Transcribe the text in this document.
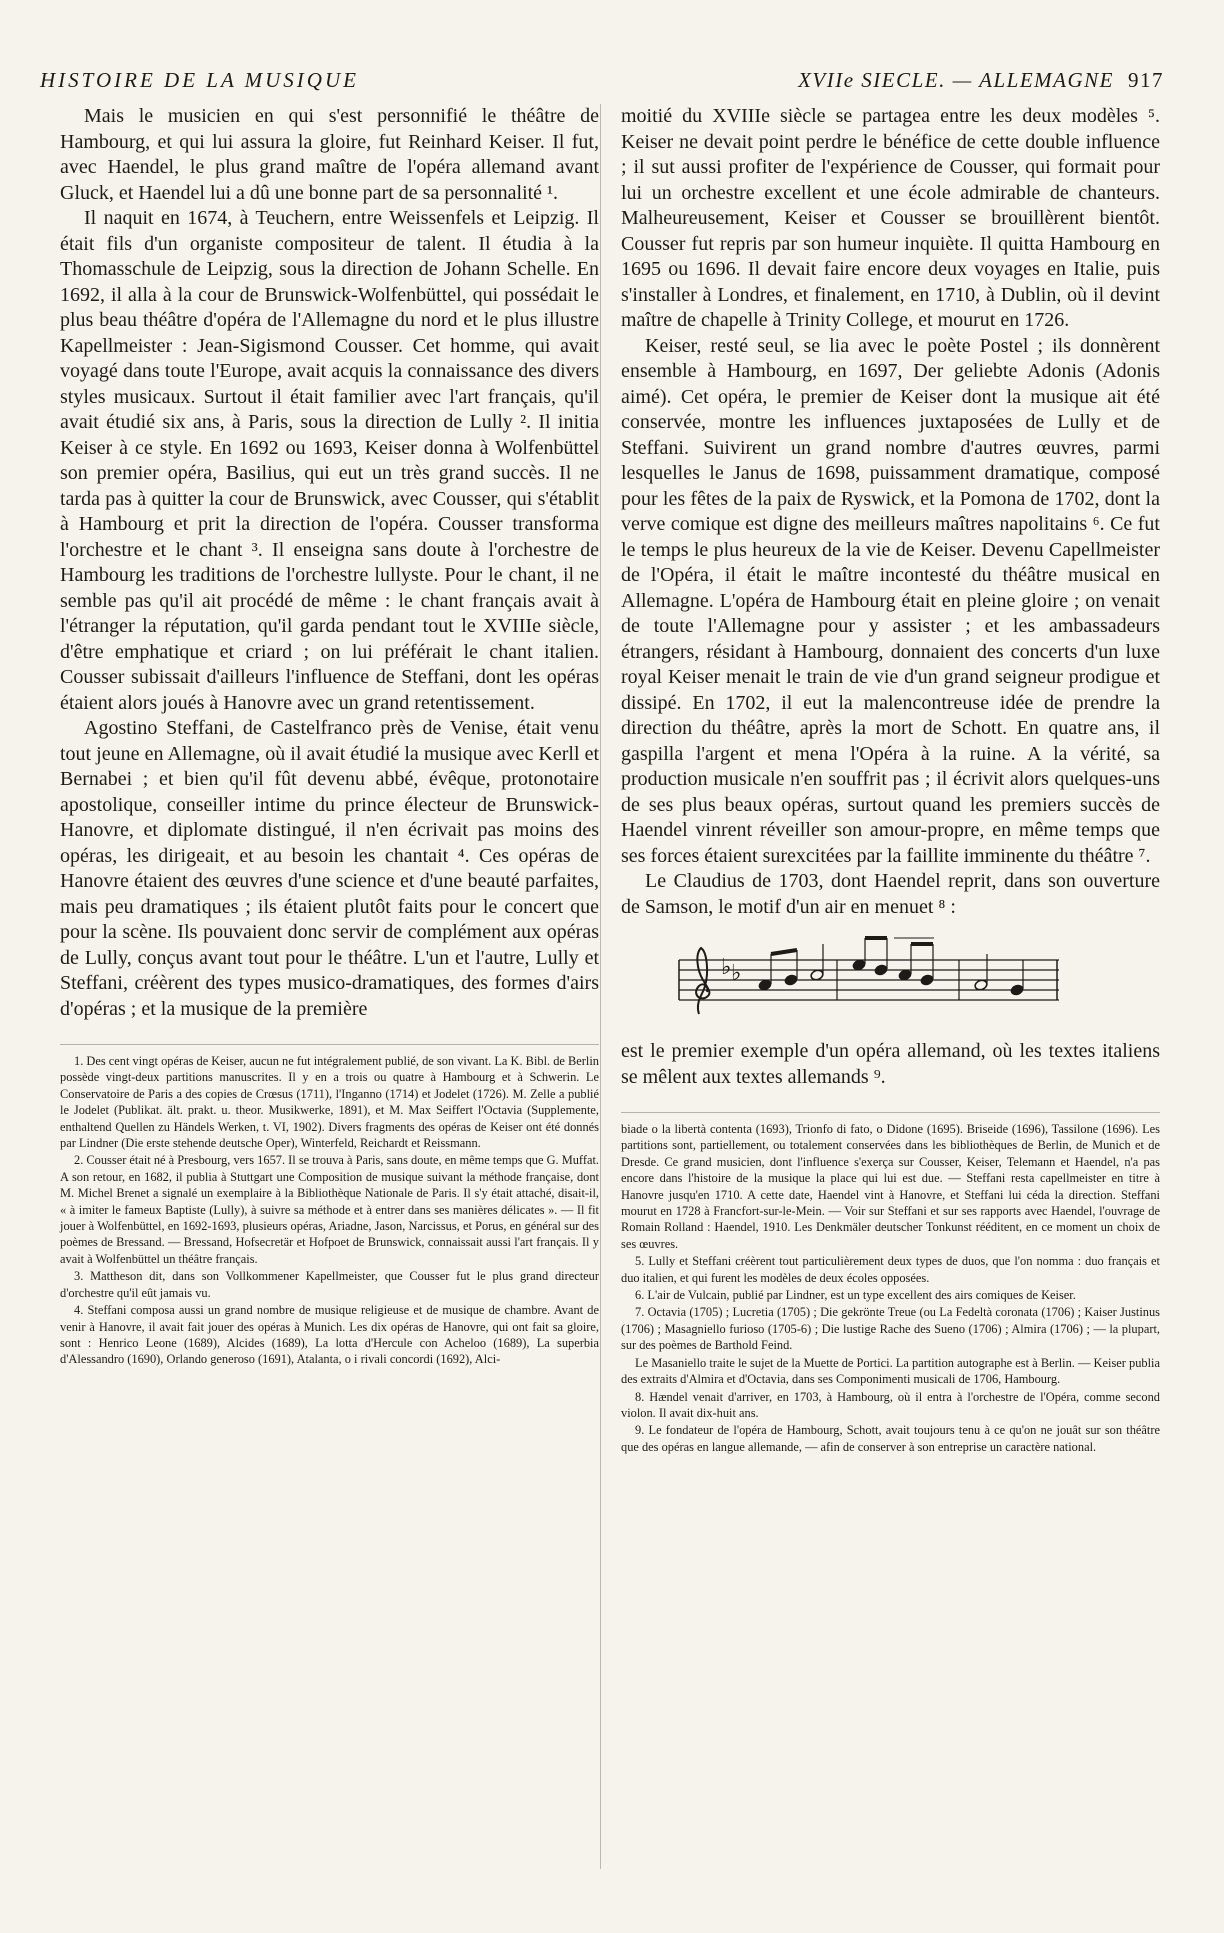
HISTOIRE DE LA MUSIQUE	XVIIe SIECLE. — ALLEMAGNE 917

Mais le musicien en qui s'est personnifié le théâtre de Hambourg, et qui lui assura la gloire, fut Reinhard Keiser. Il fut, avec Haendel, le plus grand maître de l'opéra allemand avant Gluck, et Haendel lui a dû une bonne part de sa personnalité ¹.

Il naquit en 1674, à Teuchern, entre Weissenfels et Leipzig. Il était fils d'un organiste compositeur de talent. Il étudia à la Thomasschule de Leipzig, sous la direction de Johann Schelle. En 1692, il alla à la cour de Brunswick-Wolfenbüttel, qui possédait le plus beau théâtre d'opéra de l'Allemagne du nord et le plus illustre Kapellmeister : Jean-Sigismond Cousser. Cet homme, qui avait voyagé dans toute l'Europe, avait acquis la connaissance des divers styles musicaux. Surtout il était familier avec l'art français, qu'il avait étudié six ans, à Paris, sous la direction de Lully ². Il initia Keiser à ce style. En 1692 ou 1693, Keiser donna à Wolfenbüttel son premier opéra, Basilius, qui eut un très grand succès. Il ne tarda pas à quitter la cour de Brunswick, avec Cousser, qui s'établit à Hambourg et prit la direction de l'opéra. Cousser transforma l'orchestre et le chant ³. Il enseigna sans doute à l'orchestre de Hambourg les traditions de l'orchestre lullyste. Pour le chant, il ne semble pas qu'il ait procédé de même : le chant français avait à l'étranger la réputation, qu'il garda pendant tout le XVIIIe siècle, d'être emphatique et criard ; on lui préférait le chant italien. Cousser subissait d'ailleurs l'influence de Steffani, dont les opéras étaient alors joués à Hanovre avec un grand retentissement.

Agostino Steffani, de Castelfranco près de Venise, était venu tout jeune en Allemagne, où il avait étudié la musique avec Kerll et Bernabei ; et bien qu'il fût devenu abbé, évêque, protonotaire apostolique, conseiller intime du prince électeur de Brunswick-Hanovre, et diplomate distingué, il n'en écrivait pas moins des opéras, les dirigeait, et au besoin les chantait ⁴. Ces opéras de Hanovre étaient des œuvres d'une science et d'une beauté parfaites, mais peu dramatiques ; ils étaient plutôt faits pour le concert que pour la scène. Ils pouvaient donc servir de complément aux opéras de Lully, conçus avant tout pour le théâtre. L'un et l'autre, Lully et Steffani, créèrent des types musico-dramatiques, des formes d'airs d'opéras ; et la musique de la première

1. Des cent vingt opéras de Keiser, aucun ne fut intégralement publié, de son vivant. La K. Bibl. de Berlin possède vingt-deux partitions manuscrites. Il y en a trois ou quatre à Hambourg et à Schwerin. Le Conservatoire de Paris a des copies de Crœsus (1711), l'Inganno (1714) et Jodelet (1726). M. Zelle a publié le Jodelet (Publikat. ält. prakt. u. theor. Musikwerke, 1891), et M. Max Seiffert l'Octavia (Supplemente, enthaltend Quellen zu Händels Werken, t. VI, 1902). Divers fragments des opéras de Keiser ont été donnés par Lindner (Die erste stehende deutsche Oper), Winterfeld, Reichardt et Reissmann.

2. Cousser était né à Presbourg, vers 1657. Il se trouva à Paris, sans doute, en même temps que G. Muffat. A son retour, en 1682, il publia à Stuttgart une Composition de musique suivant la méthode française, dont M. Michel Brenet a signalé un exemplaire à la Bibliothèque Nationale de Paris. Il s'y était attaché, disait-il, « à imiter le fameux Baptiste (Lully), à suivre sa méthode et à entrer dans ses manières délicates ». — Il fit jouer à Wolfenbüttel, en 1692-1693, plusieurs opéras, Ariadne, Jason, Narcissus, et Porus, en général sur des poèmes de Bressand. — Bressand, Hofsecretär et Hofpoet de Brunswick, connaissait aussi l'art français. Il y avait à Wolfenbüttel un théâtre français.

3. Mattheson dit, dans son Vollkommener Kapellmeister, que Cousser fut le plus grand directeur d'orchestre qu'il eût jamais vu.

4. Steffani composa aussi un grand nombre de musique religieuse et de musique de chambre. Avant de venir à Hanovre, il avait fait jouer des opéras à Munich. Les dix opéras de Hanovre, qui ont fait sa gloire, sont : Henrico Leone (1689), Alcides (1689), La lotta d'Hercule con Acheloo (1689), La superbia d'Alessandro (1690), Orlando generoso (1691), Atalanta, o i rivali concordi (1692), Alci-

moitié du XVIIIe siècle se partagea entre les deux modèles ⁵. Keiser ne devait point perdre le bénéfice de cette double influence ; il sut aussi profiter de l'expérience de Cousser, qui formait pour lui un orchestre excellent et une école admirable de chanteurs. Malheureusement, Keiser et Cousser se brouillèrent bientôt. Cousser fut repris par son humeur inquiète. Il quitta Hambourg en 1695 ou 1696. Il devait faire encore deux voyages en Italie, puis s'installer à Londres, et finalement, en 1710, à Dublin, où il devint maître de chapelle à Trinity College, et mourut en 1726.

Keiser, resté seul, se lia avec le poète Postel ; ils donnèrent ensemble à Hambourg, en 1697, Der geliebte Adonis (Adonis aimé). Cet opéra, le premier de Keiser dont la musique ait été conservée, montre les influences juxtaposées de Lully et de Steffani. Suivirent un grand nombre d'autres œuvres, parmi lesquelles le Janus de 1698, puissamment dramatique, composé pour les fêtes de la paix de Ryswick, et la Pomona de 1702, dont la verve comique est digne des meilleurs maîtres napolitains ⁶. Ce fut le temps le plus heureux de la vie de Keiser. Devenu Capellmeister de l'Opéra, il était le maître incontesté du théâtre musical en Allemagne. L'opéra de Hambourg était en pleine gloire ; on venait de toute l'Allemagne pour y assister ; et les ambassadeurs étrangers, résidant à Hambourg, donnaient des concerts d'un luxe royal Keiser menait le train de vie d'un grand seigneur prodigue et dissipé. En 1702, il eut la malencontreuse idée de prendre la direction du théâtre, après la mort de Schott. En quatre ans, il gaspilla l'argent et mena l'Opéra à la ruine. A la vérité, sa production musicale n'en souffrit pas ; il écrivit alors quelques-uns de ses plus beaux opéras, surtout quand les premiers succès de Haendel vinrent réveiller son amour-propre, en même temps que ses forces étaient surexcitées par la faillite imminente du théâtre ⁷.

Le Claudius de 1703, dont Haendel reprit, dans son ouverture de Samson, le motif d'un air en menuet ⁸ :

♭ ♭

est le premier exemple d'un opéra allemand, où les textes italiens se mêlent aux textes allemands ⁹.

biade o la libertà contenta (1693), Trionfo di fato, o Didone (1695). Briseide (1696), Tassilone (1696). Les partitions sont, partiellement, ou totalement conservées dans les bibliothèques de Berlin, de Munich et de Dresde. Ce grand musicien, dont l'influence s'exerça sur Cousser, Keiser, Telemann et Haendel, n'a pas encore dans l'histoire de la musique la place qui lui est due. — Steffani resta capellmeister en titre à Hanovre jusqu'en 1710. A cette date, Haendel vint à Hanovre, et Steffani lui céda la direction. Steffani mourut en 1728 à Francfort-sur-le-Mein. — Voir sur Steffani et sur ses rapports avec Haendel, l'ouvrage de Romain Rolland : Haendel, 1910. Les Denkmäler deutscher Tonkunst rééditent, en ce moment un choix de ses œuvres.

5. Lully et Steffani créèrent tout particulièrement deux types de duos, que l'on nomma : duo français et duo italien, et qui furent les modèles de deux écoles opposées.

6. L'air de Vulcain, publié par Lindner, est un type excellent des airs comiques de Keiser.

7. Octavia (1705) ; Lucretia (1705) ; Die gekrönte Treue (ou La Fedeltà coronata (1706) ; Kaiser Justinus (1706) ; Masagniello furioso (1705-6) ; Die lustige Rache des Sueno (1706) ; Almira (1706) ; — la plupart, sur des poèmes de Barthold Feind.

Le Masaniello traite le sujet de la Muette de Portici. La partition autographe est à Berlin. — Keiser publia des extraits d'Almira et d'Octavia, dans ses Componimenti musicali de 1706, Hambourg.

8. Hændel venait d'arriver, en 1703, à Hambourg, où il entra à l'orchestre de l'Opéra, comme second violon. Il avait dix-huit ans.

9. Le fondateur de l'opéra de Hambourg, Schott, avait toujours tenu à ce qu'on ne jouât sur son théâtre que des opéras en langue allemande, — afin de conserver à son entreprise un caractère national.
